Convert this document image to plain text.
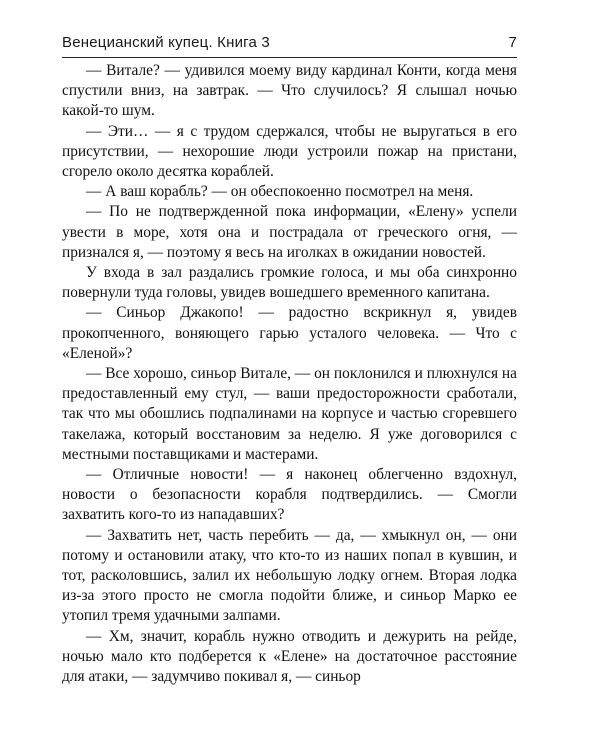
Венецианский купец. Книга 3	7

— Витале? — удивился моему виду кардинал Конти, когда меня спустили вниз, на завтрак. — Что случилось? Я слышал ночью какой-то шум.

— Эти… — я с трудом сдержался, чтобы не выругаться в его присутствии, — нехорошие люди устроили пожар на пристани, сгорело около десятка кораблей.

— А ваш корабль? — он обеспокоенно посмотрел на меня.

— По не подтвержденной пока информации, «Елену» успели увести в море, хотя она и пострадала от греческого огня, — признался я, — поэтому я весь на иголках в ожидании новостей.

У входа в зал раздались громкие голоса, и мы оба синхронно повернули туда головы, увидев вошедшего временного капитана.

— Синьор Джакопо! — радостно вскрикнул я, увидев прокопченного, воняющего гарью усталого человека. — Что с «Еленой»?

— Все хорошо, синьор Витале, — он поклонился и плюхнулся на предоставленный ему стул, — ваши предосторожности сработали, так что мы обошлись подпалинами на корпусе и частью сгоревшего такелажа, который восстановим за неделю. Я уже договорился с местными поставщиками и мастерами.

— Отличные новости! — я наконец облегченно вздохнул, новости о безопасности корабля подтвердились. — Смогли захватить кого-то из нападавших?

— Захватить нет, часть перебить — да, — хмыкнул он, — они потому и остановили атаку, что кто-то из наших попал в кувшин, и тот, расколовшись, залил их небольшую лодку огнем. Вторая лодка из-за этого просто не смогла подойти ближе, и синьор Марко ее утопил тремя удачными залпами.

— Хм, значит, корабль нужно отводить и дежурить на рейде, ночью мало кто подберется к «Елене» на достаточное расстояние для атаки, — задумчиво покивал я, — синьор
